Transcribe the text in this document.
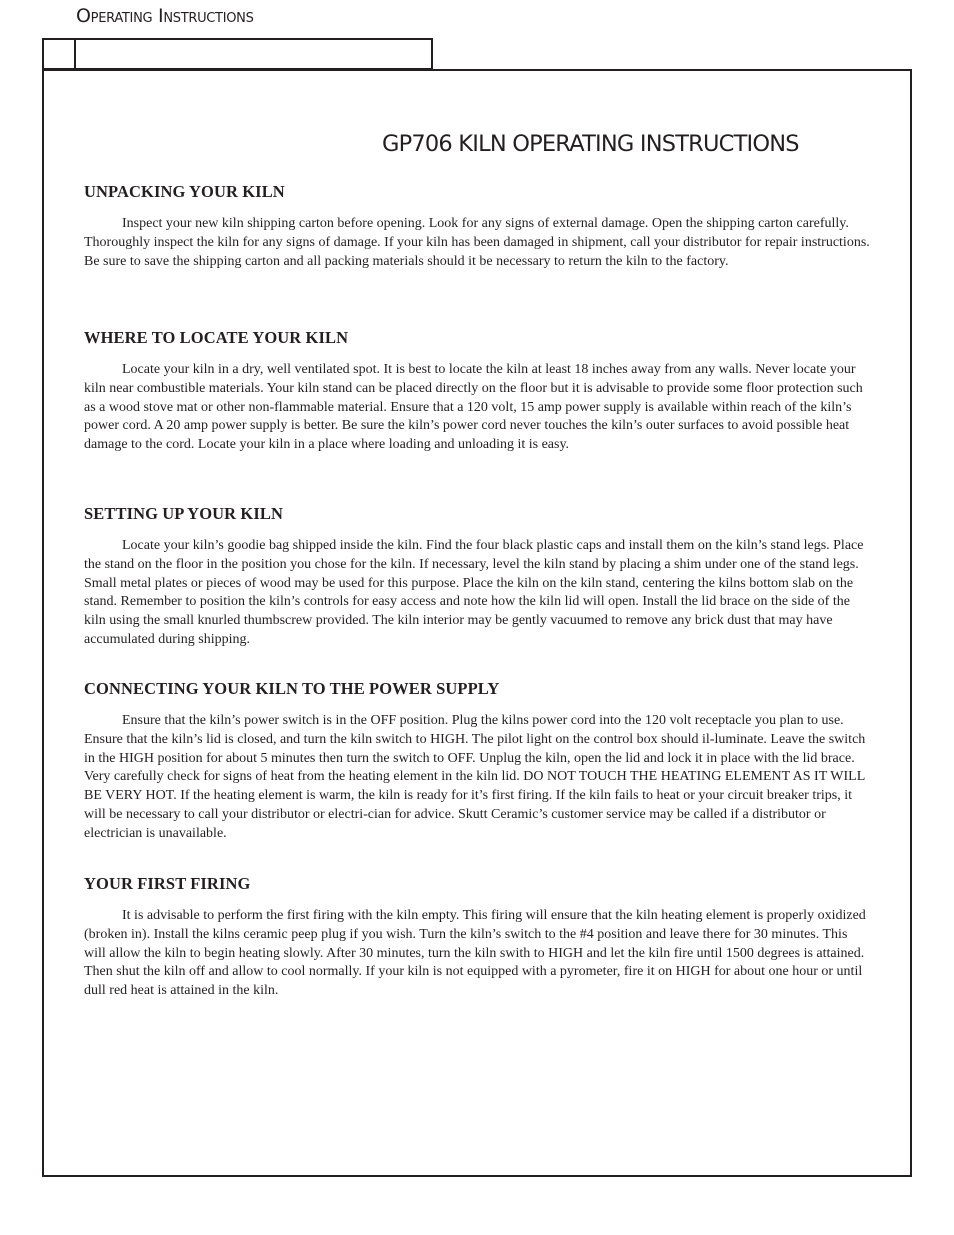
Operating Instructions
GP706 KILN OPERATING INSTRUCTIONS
UNPACKING YOUR KILN

Inspect your new kiln shipping carton before opening. Look for any signs of external damage. Open the shipping carton carefully. Thoroughly inspect the kiln for any signs of damage. If your kiln has been damaged in shipment, call your distributor for repair instructions. Be sure to save the shipping carton and all packing materials should it be necessary to return the kiln to the factory.

WHERE TO LOCATE YOUR KILN

Locate your kiln in a dry, well ventilated spot. It is best to locate the kiln at least 18 inches away from any walls. Never locate your kiln near combustible materials. Your kiln stand can be placed directly on the floor but it is advisable to provide some floor protection such as a wood stove mat or other non-flammable material. Ensure that a 120 volt, 15 amp power supply is available within reach of the kiln’s power cord. A 20 amp power supply is better. Be sure the kiln’s power cord never touches the kiln’s outer surfaces to avoid possible heat damage to the cord. Locate your kiln in a place where loading and unloading it is easy.

SETTING UP YOUR KILN

Locate your kiln’s goodie bag shipped inside the kiln. Find the four black plastic caps and install them on the kiln’s stand legs. Place the stand on the floor in the position you chose for the kiln. If necessary, level the kiln stand by placing a shim under one of the stand legs. Small metal plates or pieces of wood may be used for this purpose. Place the kiln on the kiln stand, centering the kilns bottom slab on the stand. Remember to position the kiln’s controls for easy access and note how the kiln lid will open. Install the lid brace on the side of the kiln using the small knurled thumbscrew provided. The kiln interior may be gently vacuumed to remove any brick dust that may have accumulated during shipping.

CONNECTING YOUR KILN TO THE POWER SUPPLY

Ensure that the kiln’s power switch is in the OFF position. Plug the kilns power cord into the 120 volt receptacle you plan to use. Ensure that the kiln’s lid is closed, and turn the kiln switch to HIGH. The pilot light on the control box should il-luminate. Leave the switch in the HIGH position for about 5 minutes then turn the switch to OFF. Unplug the kiln, open the lid and lock it in place with the lid brace. Very carefully check for signs of heat from the heating element in the kiln lid. DO NOT TOUCH THE HEATING ELEMENT AS IT WILL BE VERY HOT. If the heating element is warm, the kiln is ready for it’s first firing. If the kiln fails to heat or your circuit breaker trips, it will be necessary to call your distributor or electri-cian for advice. Skutt Ceramic’s customer service may be called if a distributor or electrician is unavailable.

YOUR FIRST FIRING

It is advisable to perform the first firing with the kiln empty. This firing will ensure that the kiln heating element is properly oxidized (broken in). Install the kilns ceramic peep plug if you wish. Turn the kiln’s switch to the #4 position and leave there for 30 minutes. This will allow the kiln to begin heating slowly. After 30 minutes, turn the kiln swith to HIGH and let the kiln fire until 1500 degrees is attained. Then shut the kiln off and allow to cool normally. If your kiln is not equipped with a pyrometer, fire it on HIGH for about one hour or until dull red heat is attained in the kiln.
